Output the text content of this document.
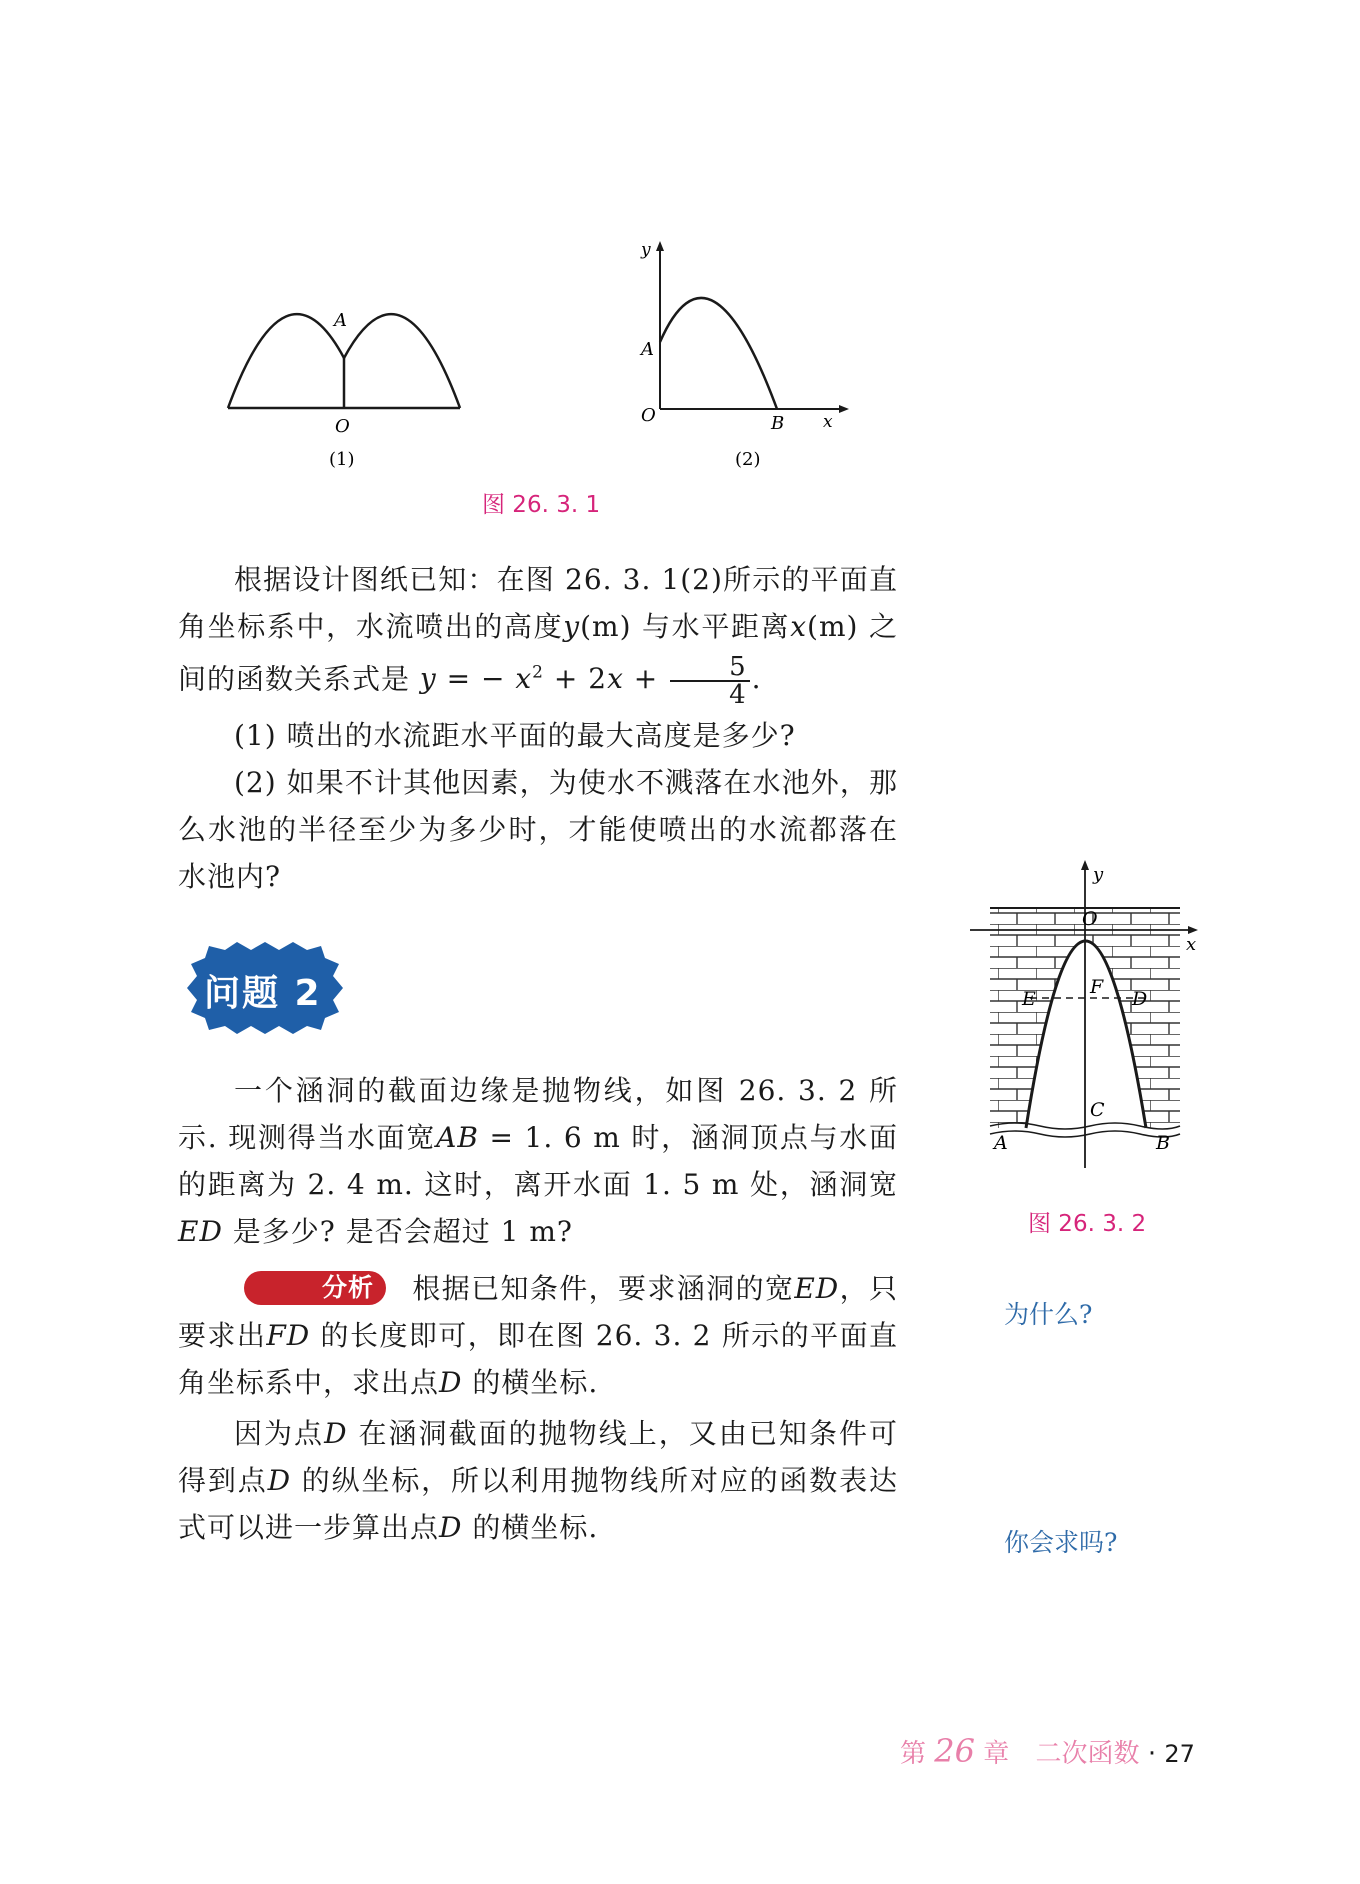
A
O
(1)
y
A
O	B x
(2)
图 26. 3. 1

根据设计图纸已知：在图 26. 3. 1(2)所示的平面直角坐标系中，水流喷出的高度y(m) 与水平距离x(m) 之间的函数关系式是 y = − $x^2 + 2x + \frac{5}{4}$ .

(1) 喷出的水流距水平面的最大高度是多少?

(2) 如果不计其他因素，为使水不溅落在水池外，那么水池的半径至少为多少时，才能使喷出的水流都落在水池内?

问题 2

一个涵洞的截面边缘是抛物线，如图 26. 3. 2 所示. 现测得当水面宽AB = 1. 6 m 时，涵洞顶点与水面的距离为 2. 4 m. 这时，离开水面 1. 5 m 处，涵洞宽ED 是多少? 是否会超过 1 m?

分析 根据已知条件，要求涵洞的宽ED，只要求出FD 的长度即可，即在图 26. 3. 2 所示的平面直角坐标系中，求出点D 的横坐标.

因为点D 在涵洞截面的抛物线上，又由已知条件可得到点D 的纵坐标，所以利用抛物线所对应的函数表达式可以进一步算出点D 的横坐标.

y
x
O
E
F
D
C
A	B
图 26. 3. 2
为什么?
你会求吗?
第 26 章 二次函数 · 27
